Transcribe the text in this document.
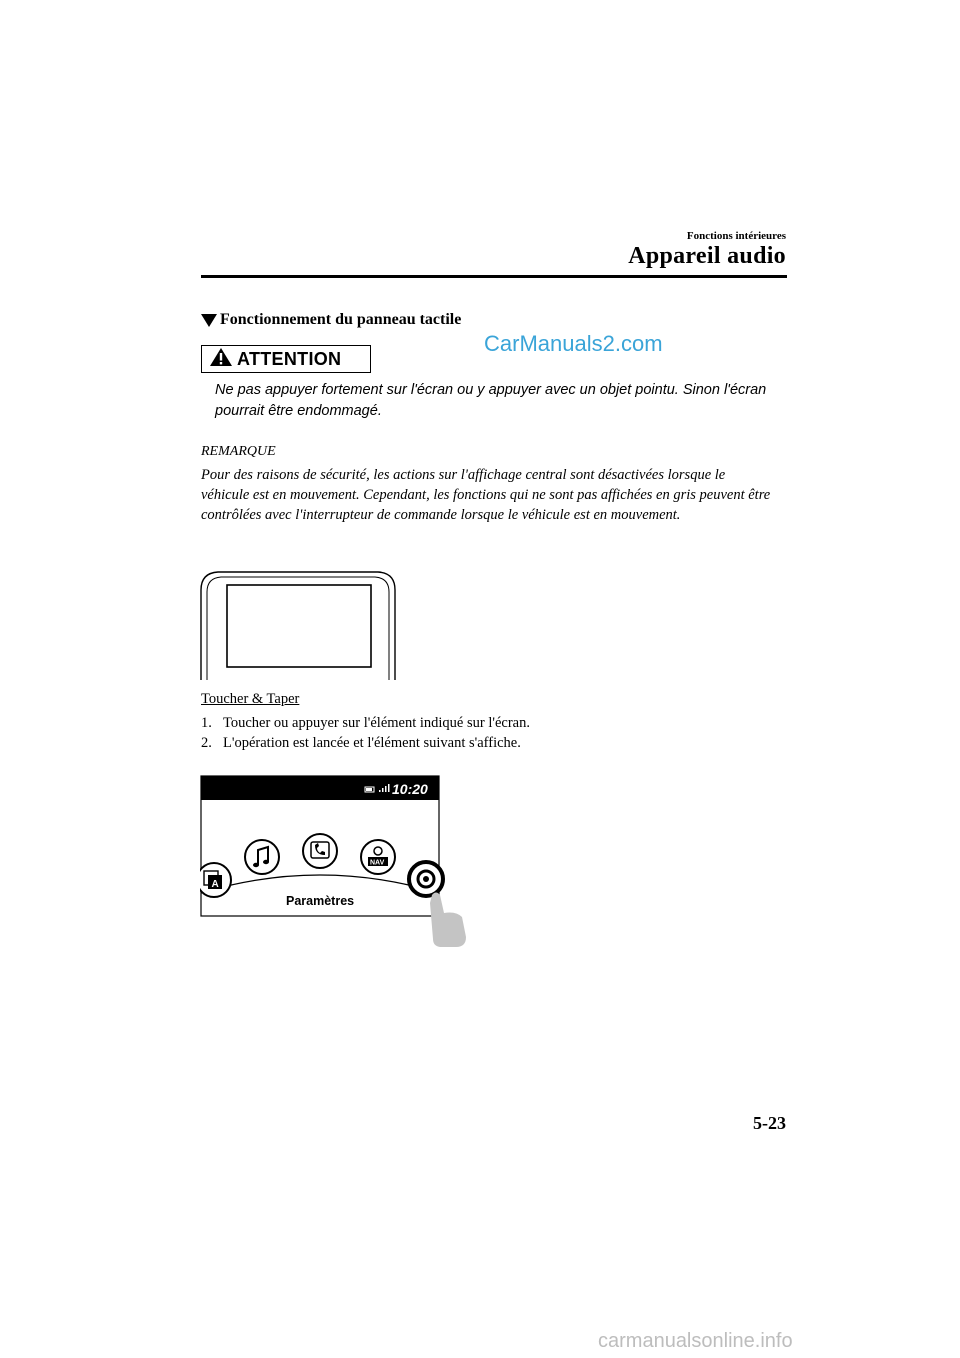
Fonctions intérieures
Appareil audio
Fonctionnement du panneau tactile
CarManuals2.com
ATTENTION
Ne pas appuyer fortement sur l'écran ou y appuyer avec un objet pointu. Sinon l'écran pourrait être endommagé.
REMARQUE
Pour des raisons de sécurité, les actions sur l'affichage central sont désactivées lorsque le véhicule est en mouvement. Cependant, les fonctions qui ne sont pas affichées en gris peuvent être contrôlées avec l'interrupteur de commande lorsque le véhicule est en mouvement.
Toucher & Taper
1. Toucher ou appuyer sur l'élément indiqué sur l'écran.
2. L'opération est lancée et l'élément suivant s'affiche.
10:20
A
NAV
Paramètres
5-23
carmanualsonline.info
